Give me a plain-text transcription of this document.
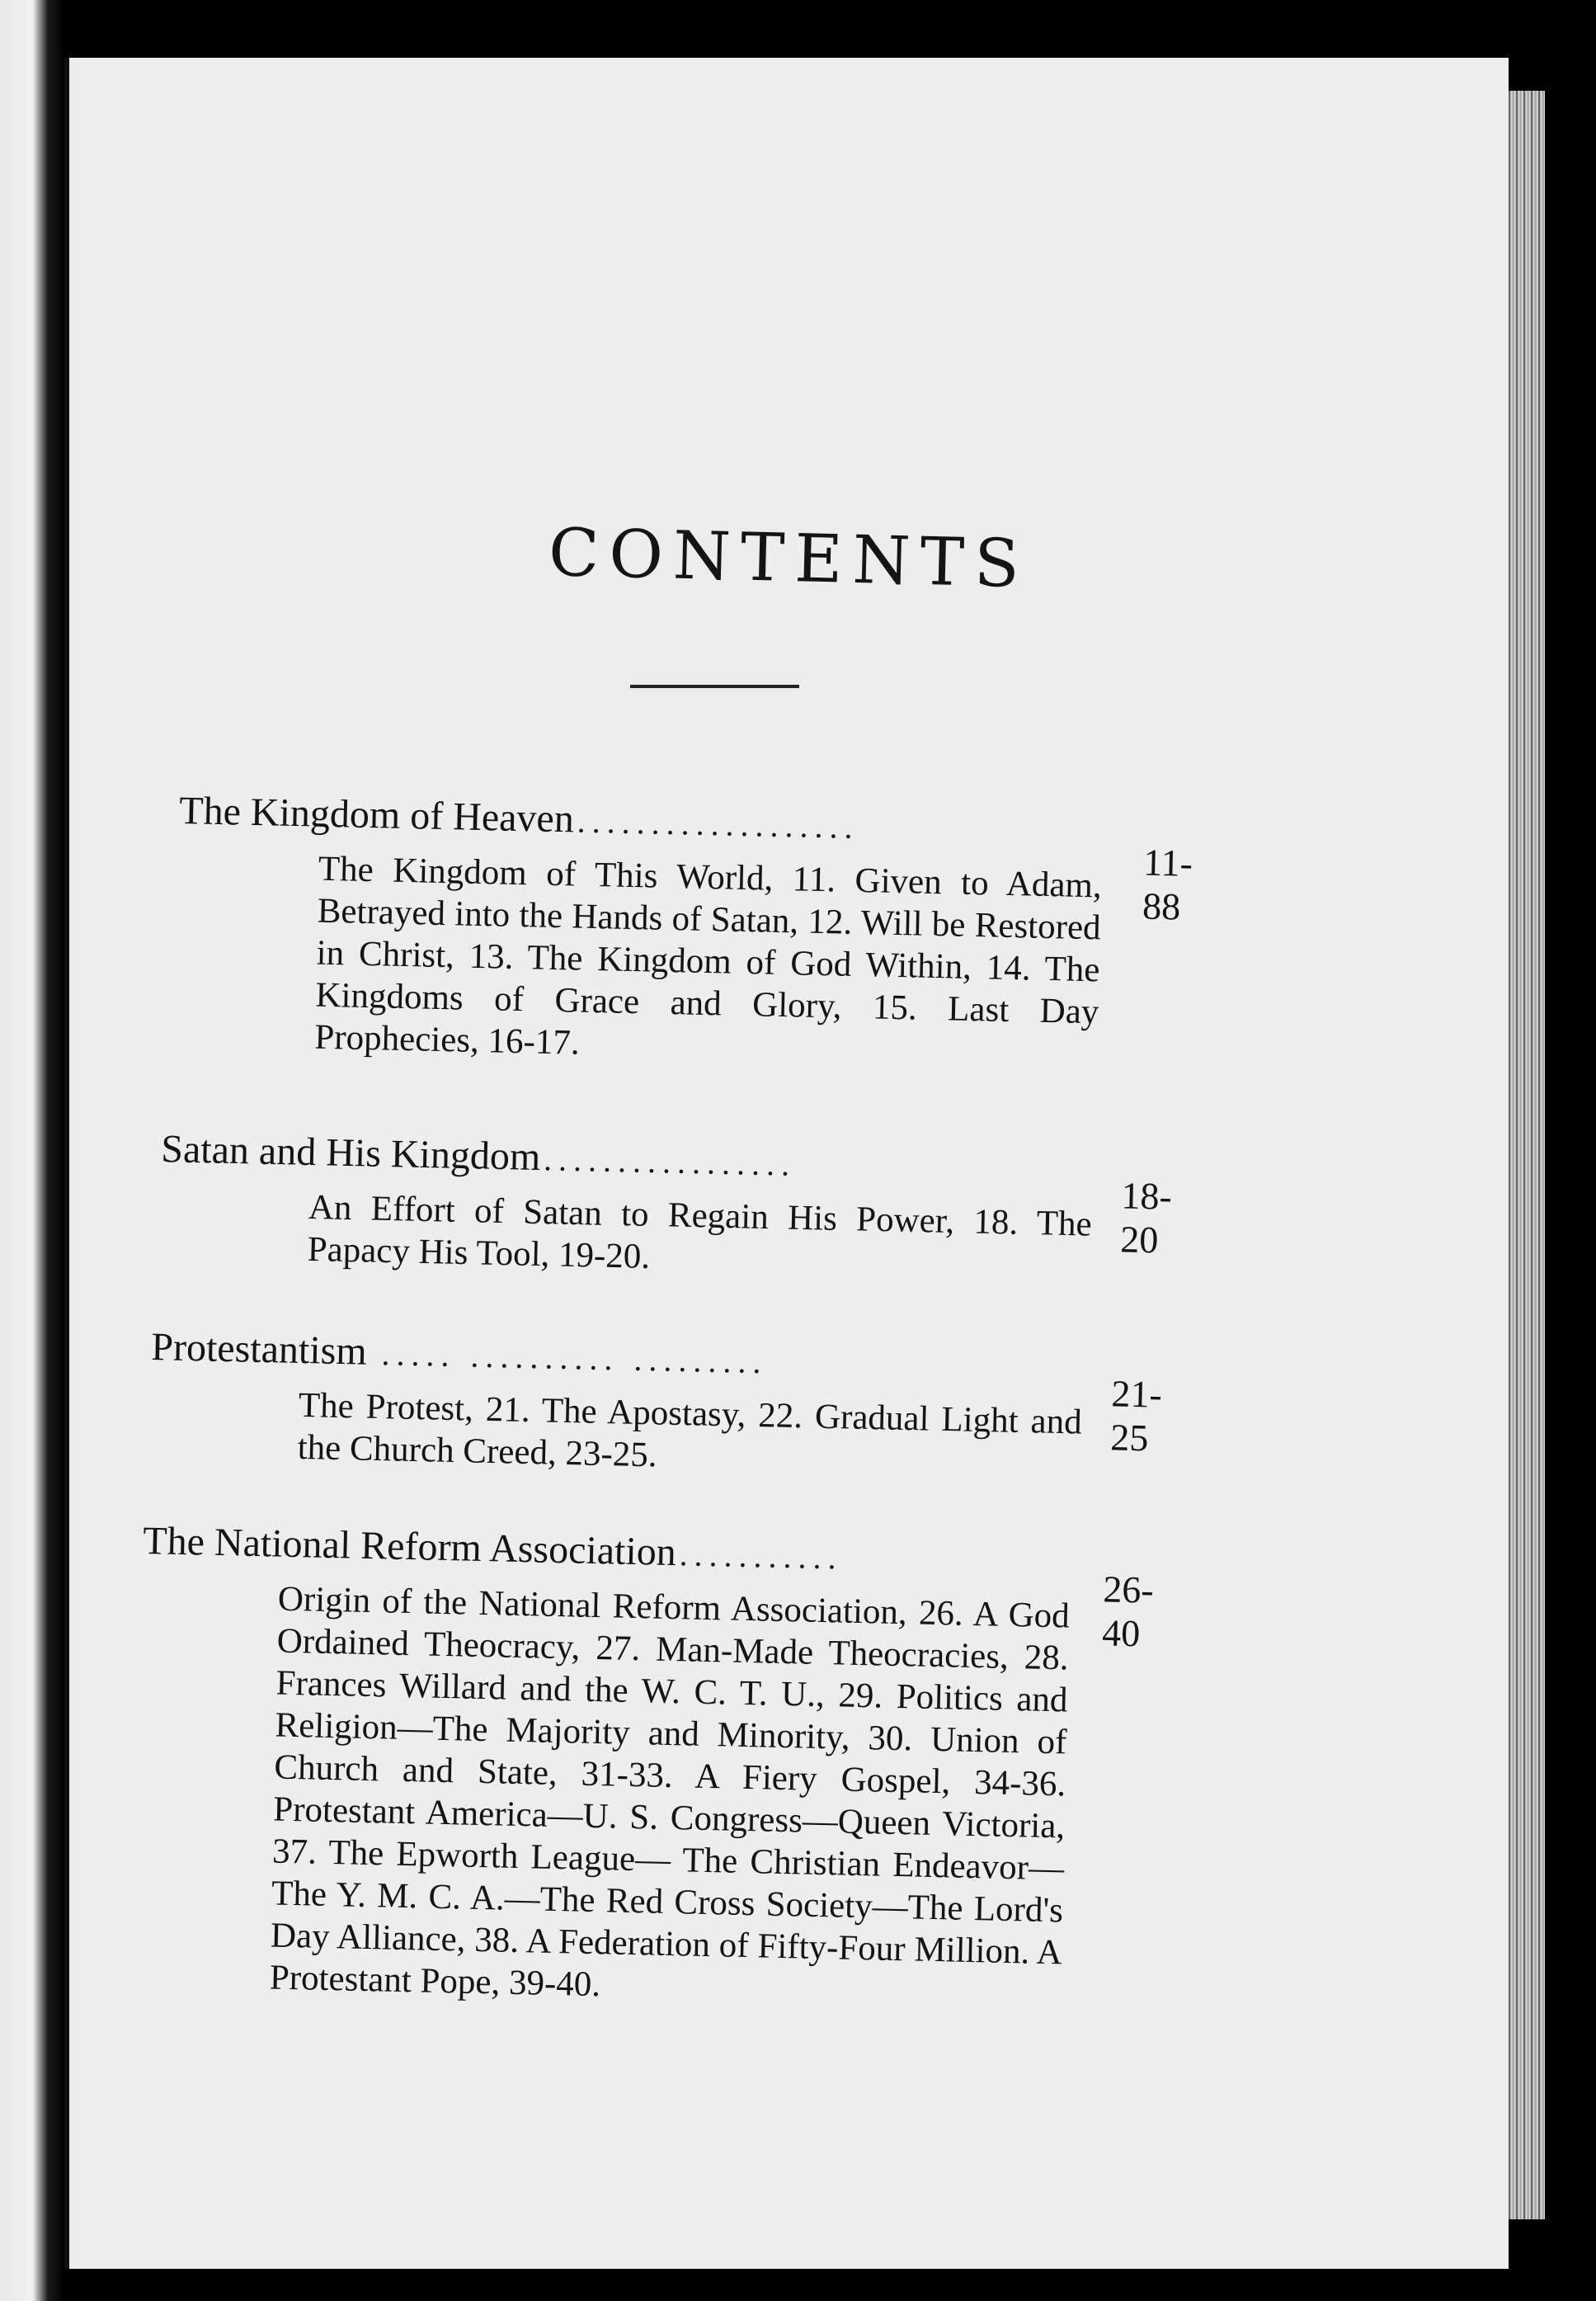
CONTENTS
The Kingdom of Heaven ...................
11-88
The Kingdom of This World, 11. Given to Adam, Betrayed into the Hands of Satan, 12. Will be Restored in Christ, 13. The Kingdom of God Within, 14. The Kingdoms of Grace and Glory, 15. Last Day Prophecies, 16-17.
Satan and His Kingdom .................
18-20
An Effort of Satan to Regain His Power, 18. The Papacy His Tool, 19-20.
Protestantism ..... .......... .........
21-25
The Protest, 21. The Apostasy, 22. Gradual Light and the Church Creed, 23-25.
The National Reform Association ...........
26-40
Origin of the National Reform Association, 26. A God Ordained Theocracy, 27. Man-Made Theocracies, 28. Frances Willard and the W. C. T. U., 29. Politics and Religion—The Majority and Minority, 30. Union of Church and State, 31-33. A Fiery Gospel, 34-36. Protestant America—U. S. Congress—Queen Victoria, 37. The Epworth League— The Christian Endeavor—The Y. M. C. A.—The Red Cross Society—The Lord's Day Alliance, 38. A Federation of Fifty-Four Million. A Protestant Pope, 39-40.
